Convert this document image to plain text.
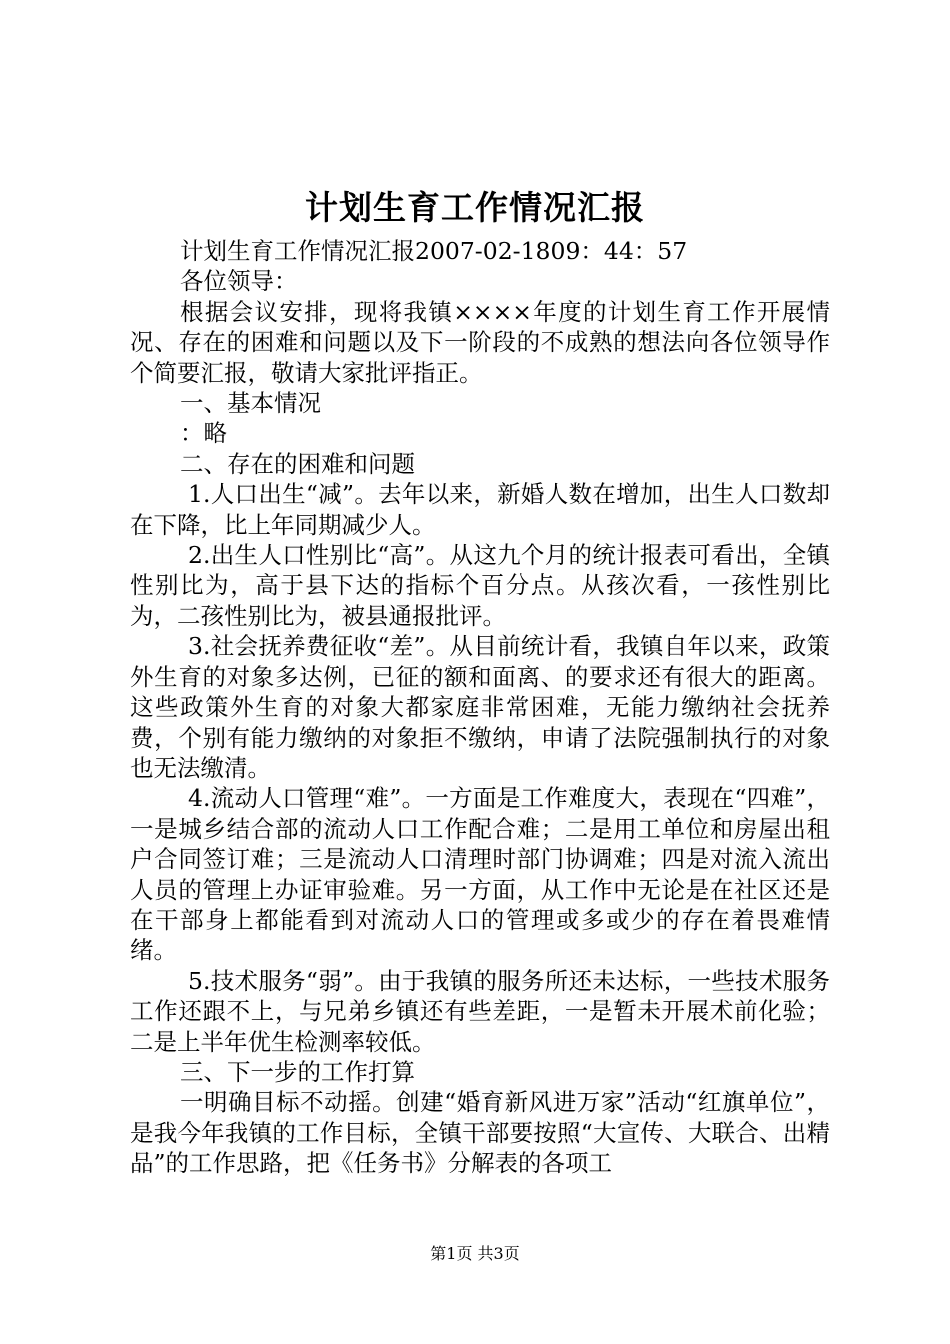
计划生育工作情况汇报

计划生育工作情况汇报2007-02-1809：44：57

各位领导：

根据会议安排，现将我镇××××年度的计划生育工作开展情况、存在的困难和问题以及下一阶段的不成熟的想法向各位领导作个简要汇报，敬请大家批评指正。

一、基本情况

：略

二、存在的困难和问题

1.人口出生“减”。去年以来，新婚人数在增加，出生人口数却在下降，比上年同期减少人。

2.出生人口性别比“高”。从这九个月的统计报表可看出，全镇性别比为，高于县下达的指标个百分点。从孩次看，一孩性别比为，二孩性别比为，被县通报批评。

3.社会抚养费征收“差”。从目前统计看，我镇自年以来，政策外生育的对象多达例，已征的额和面离、的要求还有很大的距离。这些政策外生育的对象大都家庭非常困难，无能力缴纳社会抚养费，个别有能力缴纳的对象拒不缴纳，申请了法院强制执行的对象也无法缴清。

4.流动人口管理“难”。一方面是工作难度大，表现在“四难”，一是城乡结合部的流动人口工作配合难；二是用工单位和房屋出租户合同签订难；三是流动人口清理时部门协调难；四是对流入流出人员的管理上办证审验难。另一方面，从工作中无论是在社区还是在干部身上都能看到对流动人口的管理或多或少的存在着畏难情绪。

5.技术服务“弱”。由于我镇的服务所还未达标，一些技术服务工作还跟不上，与兄弟乡镇还有些差距，一是暂未开展术前化验；二是上半年优生检测率较低。

三、下一步的工作打算

一明确目标不动摇。创建“婚育新风进万家”活动“红旗单位”，是我今年我镇的工作目标，全镇干部要按照“大宣传、大联合、出精品”的工作思路，把《任务书》分解表的各项工

第1页 共3页
